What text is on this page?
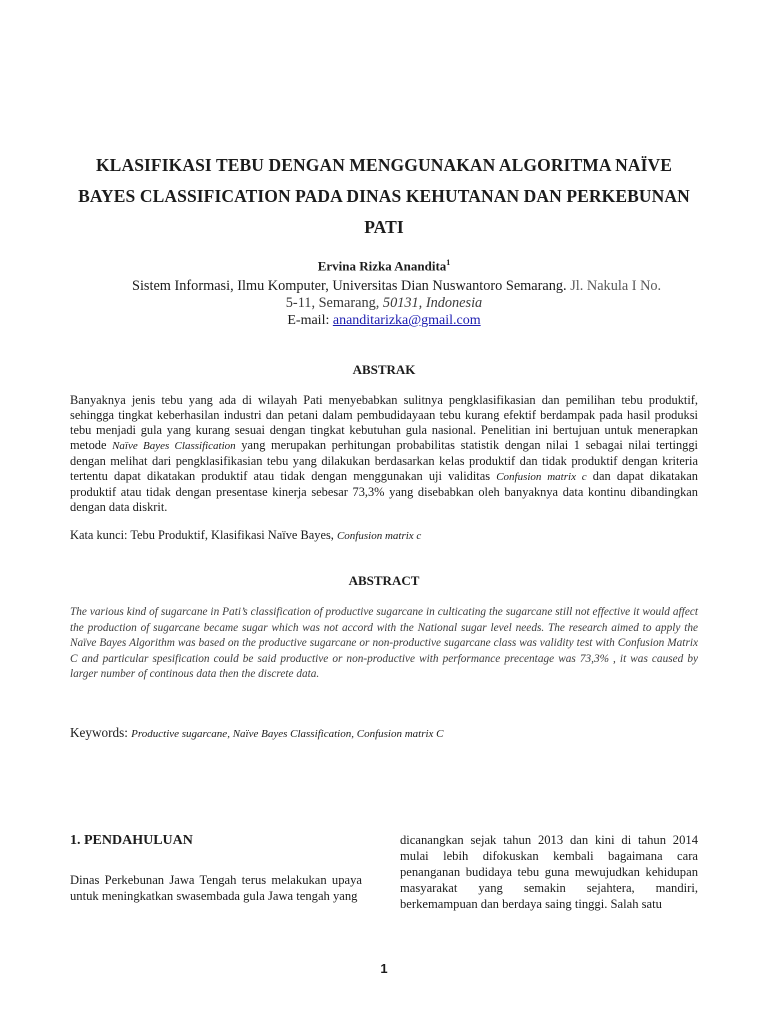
KLASIFIKASI TEBU DENGAN MENGGUNAKAN ALGORITMA NAÏVE
BAYES CLASSIFICATION PADA DINAS KEHUTANAN DAN PERKEBUNAN
PATI
Ervina Rizka Anandita$^1$
Sistem Informasi, Ilmu Komputer, Universitas Dian Nuswantoro Semarang. Jl. Nakula I No.
5-11, Semarang, 50131, Indonesia
E-mail: ananditarizka@gmail.com
ABSTRAK
Banyaknya jenis tebu yang ada di wilayah Pati menyebabkan sulitnya pengklasifikasian dan pemilihan tebu produktif, sehingga tingkat keberhasilan industri dan petani dalam pembudidayaan tebu kurang efektif berdampak pada hasil produksi tebu menjadi gula yang kurang sesuai dengan tingkat kebutuhan gula nasional. Penelitian ini bertujuan untuk menerapkan metode Naïve Bayes Classification yang merupakan perhitungan probabilitas statistik dengan nilai 1 sebagai nilai tertinggi dengan melihat dari pengklasifikasian tebu yang dilakukan berdasarkan kelas produktif dan tidak produktif dengan kriteria tertentu dapat dikatakan produktif atau tidak dengan menggunakan uji validitas Confusion matrix c dan dapat dikatakan produktif atau tidak dengan presentase kinerja sebesar 73,3% yang disebabkan oleh banyaknya data kontinu dibandingkan dengan data diskrit.
Kata kunci: Tebu Produktif, Klasifikasi Naïve Bayes, Confusion matrix c
ABSTRACT
The various kind of sugarcane in Pati’s classification of productive sugarcane in culticating the sugarcane still not effective it would affect the production of sugarcane became sugar which was not accord with the National sugar level needs. The research aimed to apply the Naïve Bayes Algorithm was based on the productive sugarcane or non-productive sugarcane class was validity test with Confusion Matrix C and particular spesification could be said productive or non-productive with performance precentage was 73,3% , it was caused by larger number of continous data then the discrete data.
Keywords: Productive sugarcane, Naïve Bayes Classification, Confusion matrix C
1. PENDAHULUAN
Dinas Perkebunan Jawa Tengah terus melakukan upaya untuk meningkatkan swasembada gula Jawa tengah yang
dicanangkan sejak tahun 2013 dan kini di tahun 2014 mulai lebih difokuskan kembali bagaimana cara penanganan budidaya tebu guna mewujudkan kehidupan masyarakat yang semakin sejahtera, mandiri, berkemampuan dan berdaya saing tinggi. Salah satu
1
